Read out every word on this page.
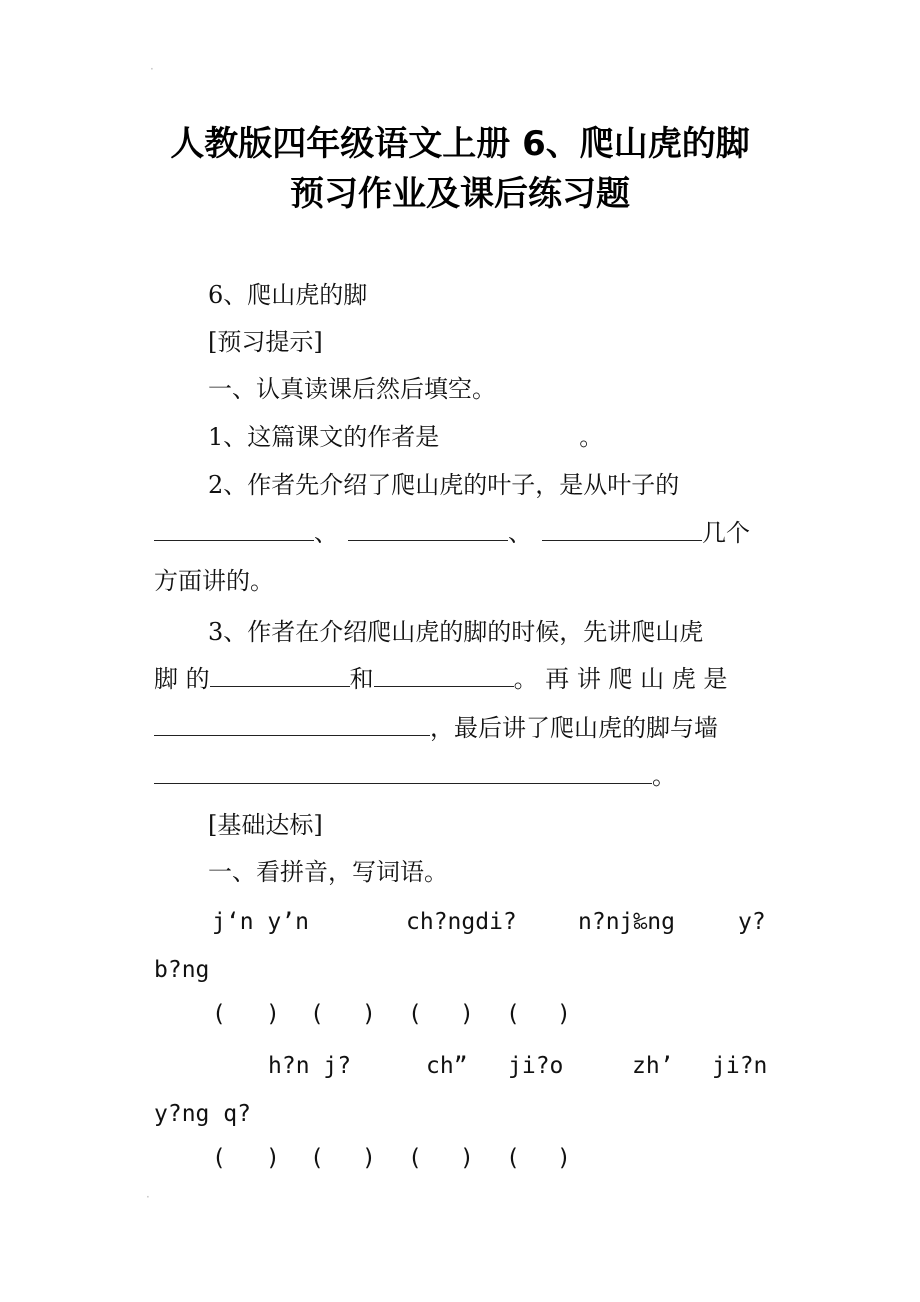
·
·
人教版四年级语文上册 6、爬山虎的脚
预习作业及课后练习题
6、爬山虎的脚
[预习提示]
一、认真读课后然后填空。
1、这篇课文的作者是	。
2、作者先介绍了爬山虎的叶子，是从叶子的
、	、	几个
方面讲的。
3、作者在介绍爬山虎的脚的时候，先讲爬山虎
脚 的	和	。 再 讲 爬 山 虎 是
，最后讲了爬山虎的脚与墙
。
[基础达标]
一、看拼音，写词语。
j‘n y’n	ch?ngdi?	n?nj‰ng	y?
b?ng
( ) ( ) ( ) ( )
h?n j?	ch” ji?o	zh’ ji?n
y?ng q?
( ) ( ) ( ) ( )
